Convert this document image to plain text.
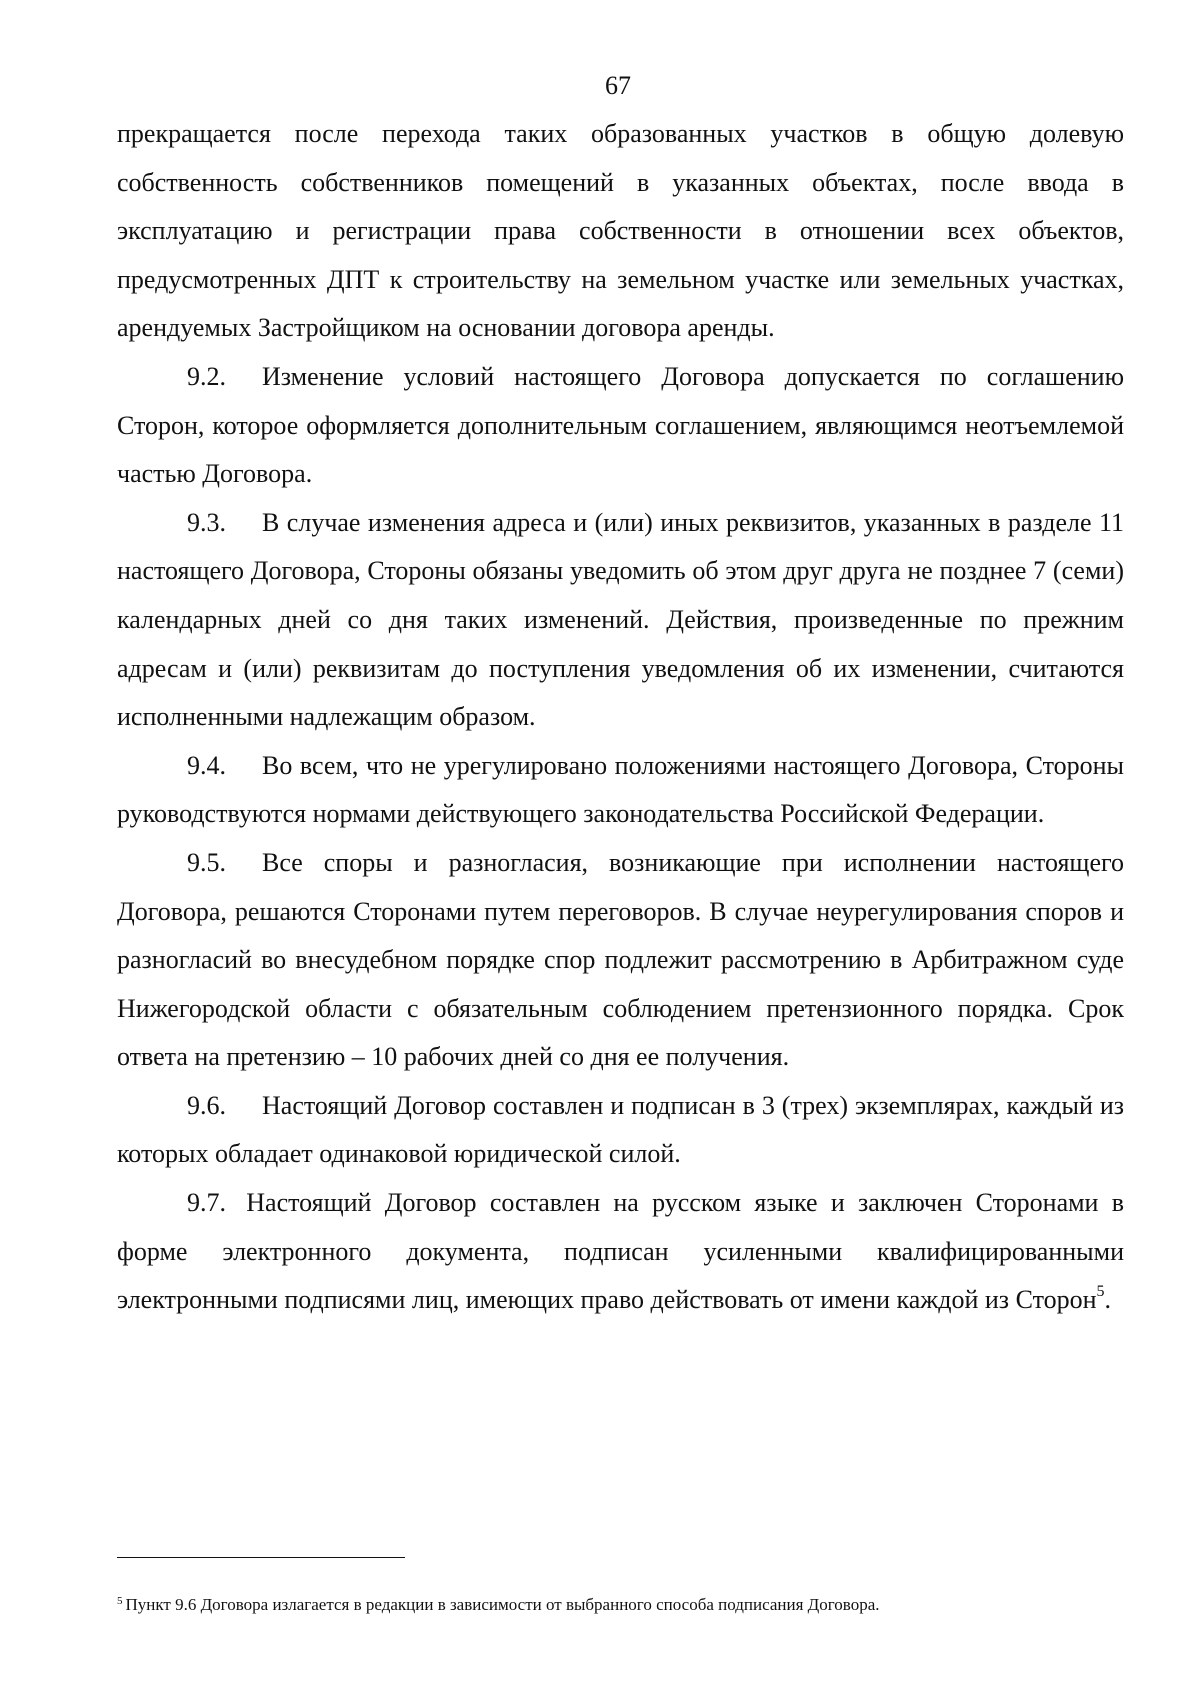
67

прекращается после перехода таких образованных участков в общую долевую собственность собственников помещений в указанных объектах, после ввода в эксплуатацию и регистрации права собственности в отношении всех объектов, предусмотренных ДПТ к строительству на земельном участке или земельных участках, арендуемых Застройщиком на основании договора аренды.

9.2. Изменение условий настоящего Договора допускается по соглашению Сторон, которое оформляется дополнительным соглашением, являющимся неотъемлемой частью Договора.

9.3. В случае изменения адреса и (или) иных реквизитов, указанных в разделе 11 настоящего Договора, Стороны обязаны уведомить об этом друг друга не позднее 7 (семи) календарных дней со дня таких изменений. Действия, произведенные по прежним адресам и (или) реквизитам до поступления уведомления об их изменении, считаются исполненными надлежащим образом.

9.4. Во всем, что не урегулировано положениями настоящего Договора, Стороны руководствуются нормами действующего законодательства Российской Федерации.

9.5. Все споры и разногласия, возникающие при исполнении настоящего Договора, решаются Сторонами путем переговоров. В случае неурегулирования споров и разногласий во внесудебном порядке спор подлежит рассмотрению в Арбитражном суде Нижегородской области с обязательным соблюдением претензионного порядка. Срок ответа на претензию – 10 рабочих дней со дня ее получения.

9.6. Настоящий Договор составлен и подписан в 3 (трех) экземплярах, каждый из которых обладает одинаковой юридической силой.

9.7. Настоящий Договор составлен на русском языке и заключен Сторонами в форме электронного документа, подписан усиленными квалифицированными электронными подписями лиц, имеющих право действовать от имени каждой из Сторон$^5$.

$^5$ Пункт 9.6 Договора излагается в редакции в зависимости от выбранного способа подписания Договора.
